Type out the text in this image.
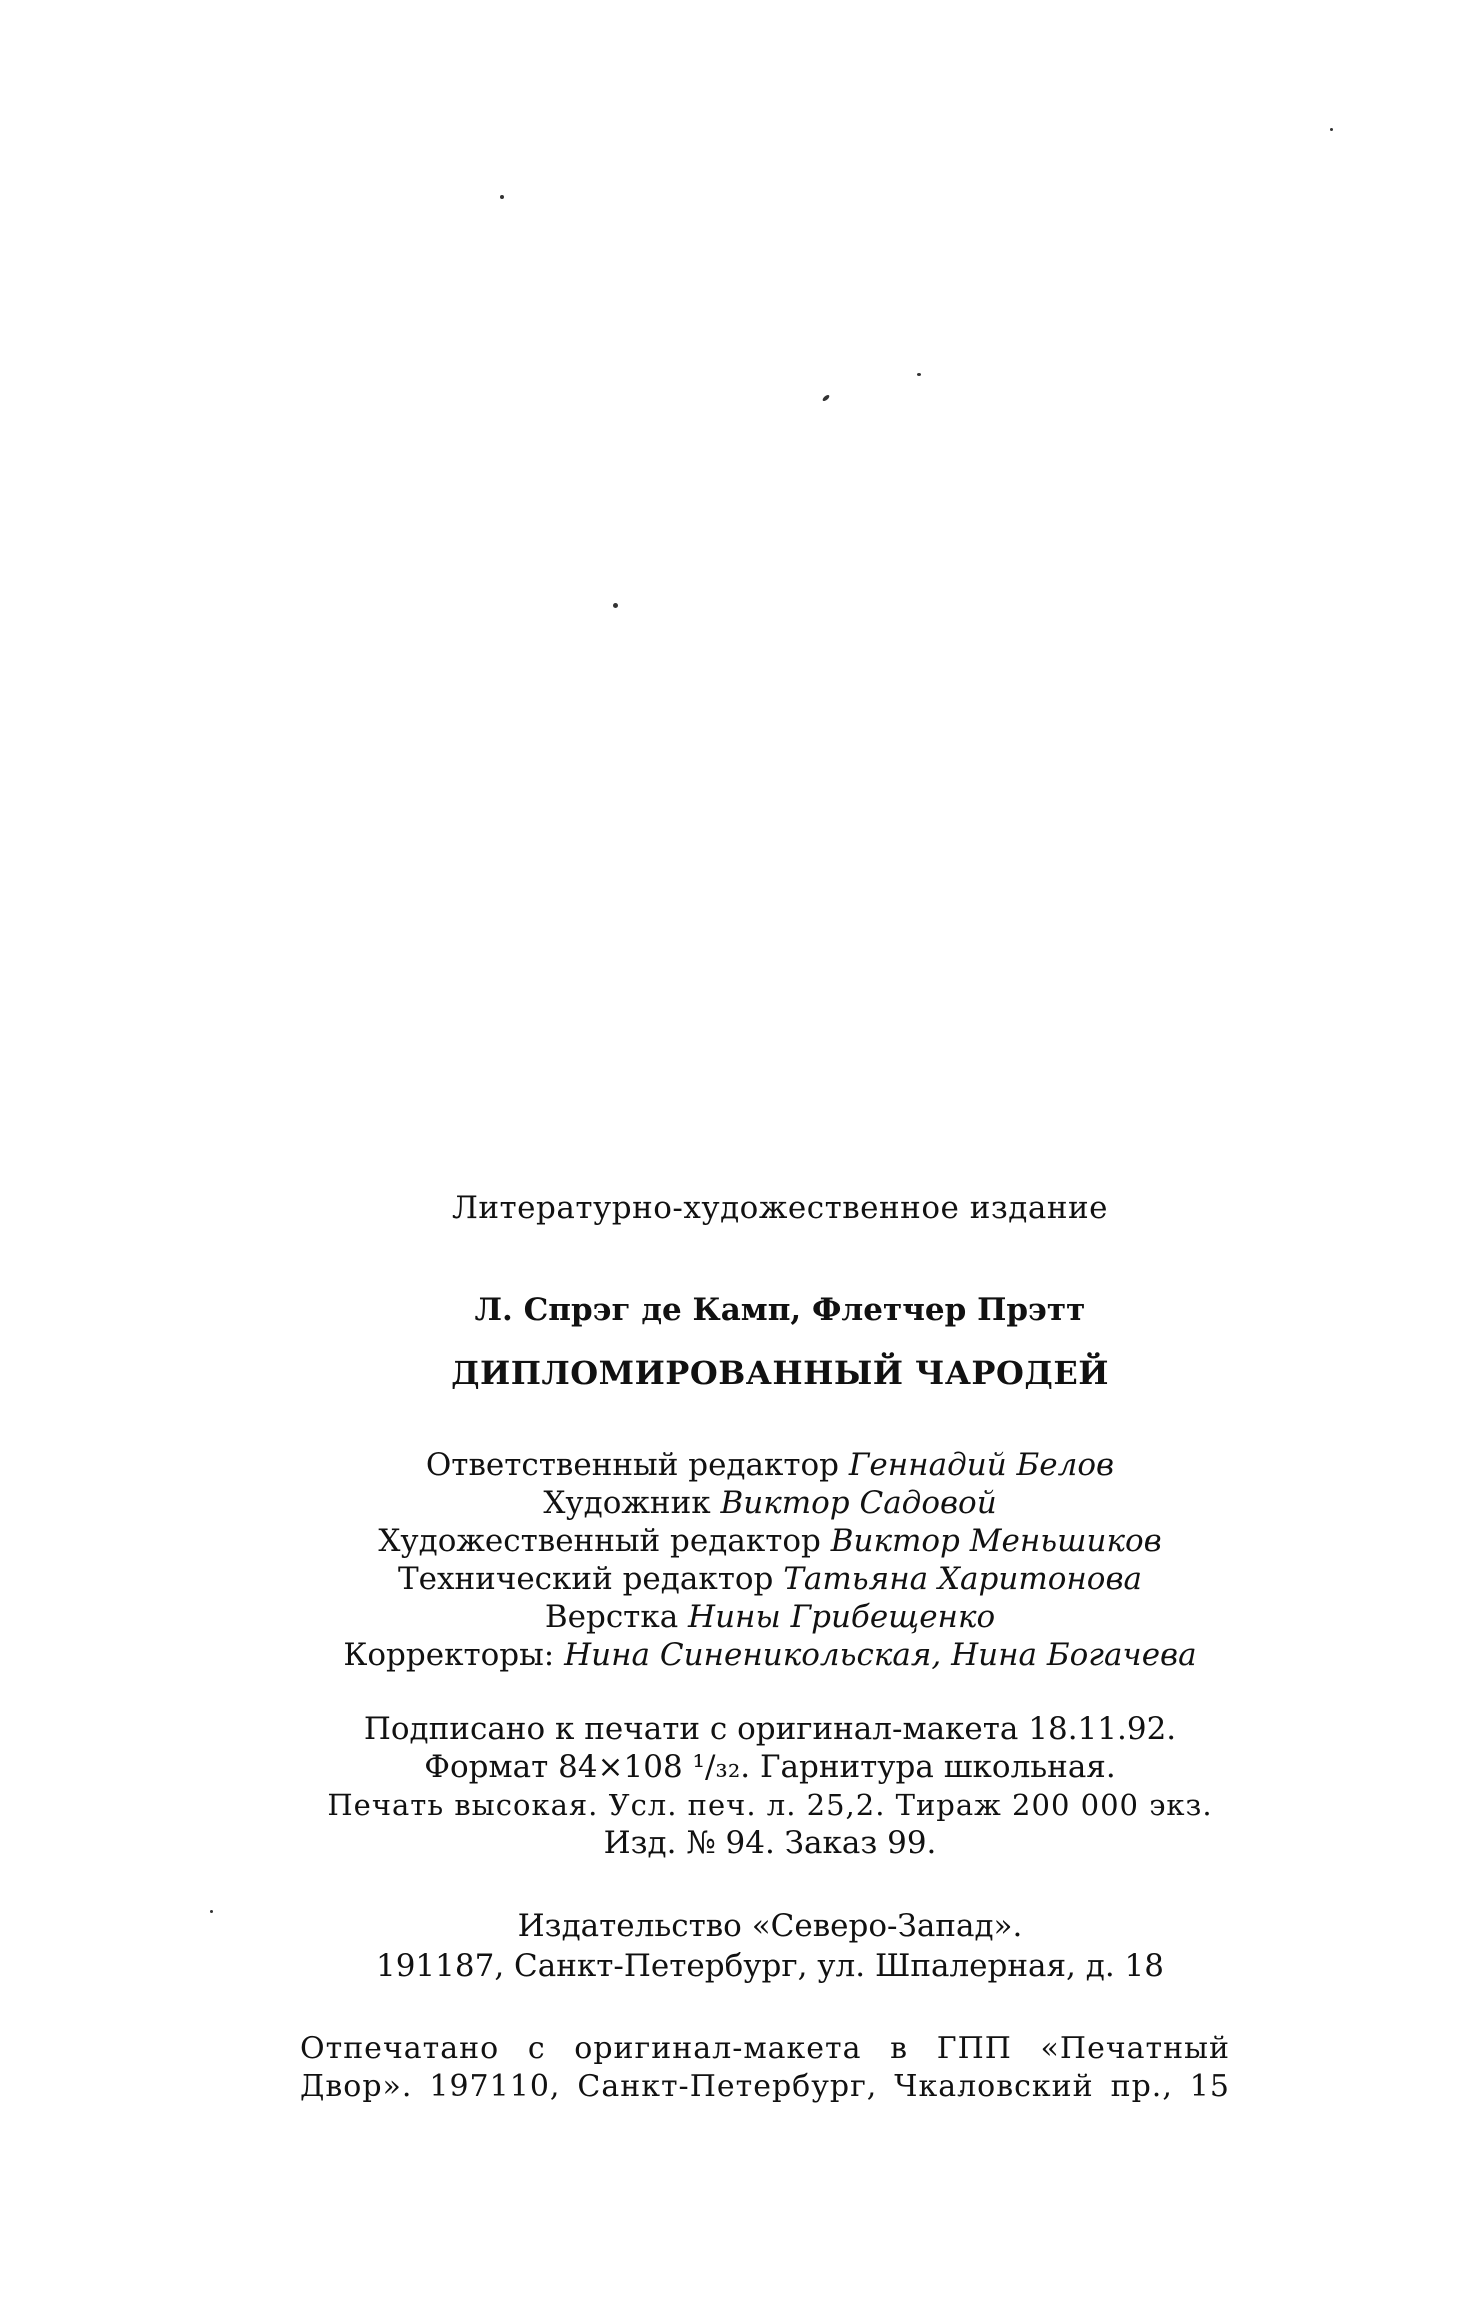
Литературно-художественное издание
Л. Спрэг де Камп, Флетчер Прэтт
ДИПЛОМИРОВАННЫЙ ЧАРОДЕЙ
Ответственный редактор Геннадий Белов
Художник Виктор Садовой
Художественный редактор Виктор Меньшиков
Технический редактор Татьяна Харитонова
Верстка Нины Грибещенко
Корректоры: Нина Синеникольская, Нина Богачева
Подписано к печати с оригинал-макета 18.11.92.
Формат 84×108 ¹/₃₂. Гарнитура школьная.
Печать высокая. Усл. печ. л. 25,2. Тираж 200 000 экз.
Изд. № 94. Заказ 99.
Издательство «Северо-Запад».
191187, Санкт-Петербург, ул. Шпалерная, д. 18
Отпечатано с оригинал-макета в ГПП «Печатный
Двор». 197110, Санкт-Петербург, Чкаловский пр., 15
